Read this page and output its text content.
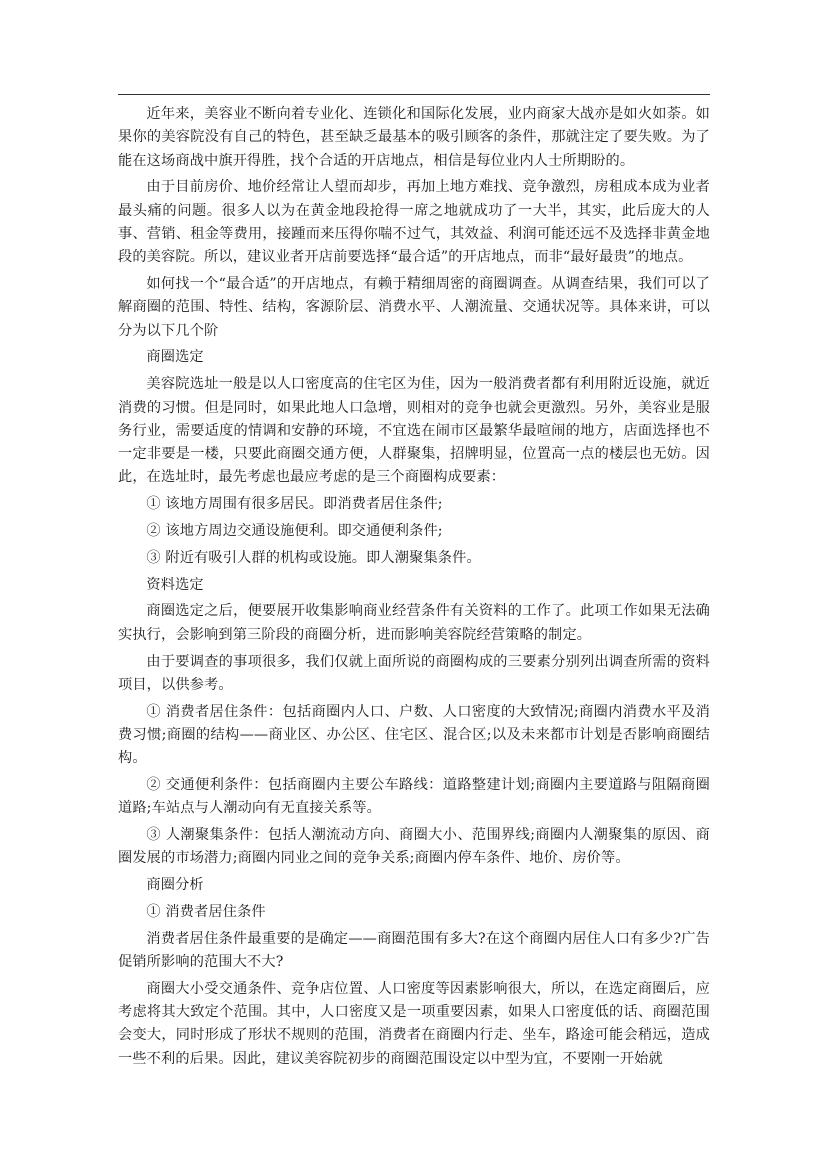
近年来，美容业不断向着专业化、连锁化和国际化发展，业内商家大战亦是如火如荼。如果你的美容院没有自己的特色，甚至缺乏最基本的吸引顾客的条件，那就注定了要失败。为了能在这场商战中旗开得胜，找个合适的开店地点，相信是每位业内人士所期盼的。

由于目前房价、地价经常让人望而却步，再加上地方难找、竞争激烈，房租成本成为业者最头痛的问题。很多人以为在黄金地段抢得一席之地就成功了一大半，其实，此后庞大的人事、营销、租金等费用，接踵而来压得你喘不过气，其效益、利润可能还远不及选择非黄金地段的美容院。所以，建议业者开店前要选择“最合适”的开店地点，而非“最好最贵”的地点。

如何找一个“最合适”的开店地点，有赖于精细周密的商圈调查。从调查结果，我们可以了解商圈的范围、特性、结构，客源阶层、消费水平、人潮流量、交通状况等。具体来讲，可以分为以下几个阶

商圈选定

美容院选址一般是以人口密度高的住宅区为佳，因为一般消费者都有利用附近设施，就近消费的习惯。但是同时，如果此地人口急增，则相对的竞争也就会更激烈。另外，美容业是服务行业，需要适度的情调和安静的环境，不宜选在闹市区最繁华最喧闹的地方，店面选择也不一定非要是一楼，只要此商圈交通方便，人群聚集，招牌明显，位置高一点的楼层也无妨。因此，在选址时，最先考虑也最应考虑的是三个商圈构成要素：

① 该地方周围有很多居民。即消费者居住条件;

② 该地方周边交通设施便利。即交通便利条件;

③ 附近有吸引人群的机构或设施。即人潮聚集条件。

资料选定

商圈选定之后，便要展开收集影响商业经营条件有关资料的工作了。此项工作如果无法确实执行，会影响到第三阶段的商圈分析，进而影响美容院经营策略的制定。

由于要调查的事项很多，我们仅就上面所说的商圈构成的三要素分别列出调查所需的资料项目，以供参考。

① 消费者居住条件：包括商圈内人口、户数、人口密度的大致情况;商圈内消费水平及消费习惯;商圈的结构——商业区、办公区、住宅区、混合区;以及未来都市计划是否影响商圈结构。

② 交通便利条件：包括商圈内主要公车路线：道路整建计划;商圈内主要道路与阻隔商圈道路;车站点与人潮动向有无直接关系等。

③ 人潮聚集条件：包括人潮流动方向、商圈大小、范围界线;商圈内人潮聚集的原因、商圈发展的市场潜力;商圈内同业之间的竞争关系;商圈内停车条件、地价、房价等。

商圈分析

① 消费者居住条件

消费者居住条件最重要的是确定——商圈范围有多大?在这个商圈内居住人口有多少?广告促销所影响的范围大不大?

商圈大小受交通条件、竞争店位置、人口密度等因素影响很大，所以，在选定商圈后，应考虑将其大致定个范围。其中，人口密度又是一项重要因素，如果人口密度低的话、商圈范围会变大，同时形成了形状不规则的范围，消费者在商圈内行走、坐车，路途可能会稍远，造成一些不利的后果。因此，建议美容院初步的商圈范围设定以中型为宜，不要刚一开始就
